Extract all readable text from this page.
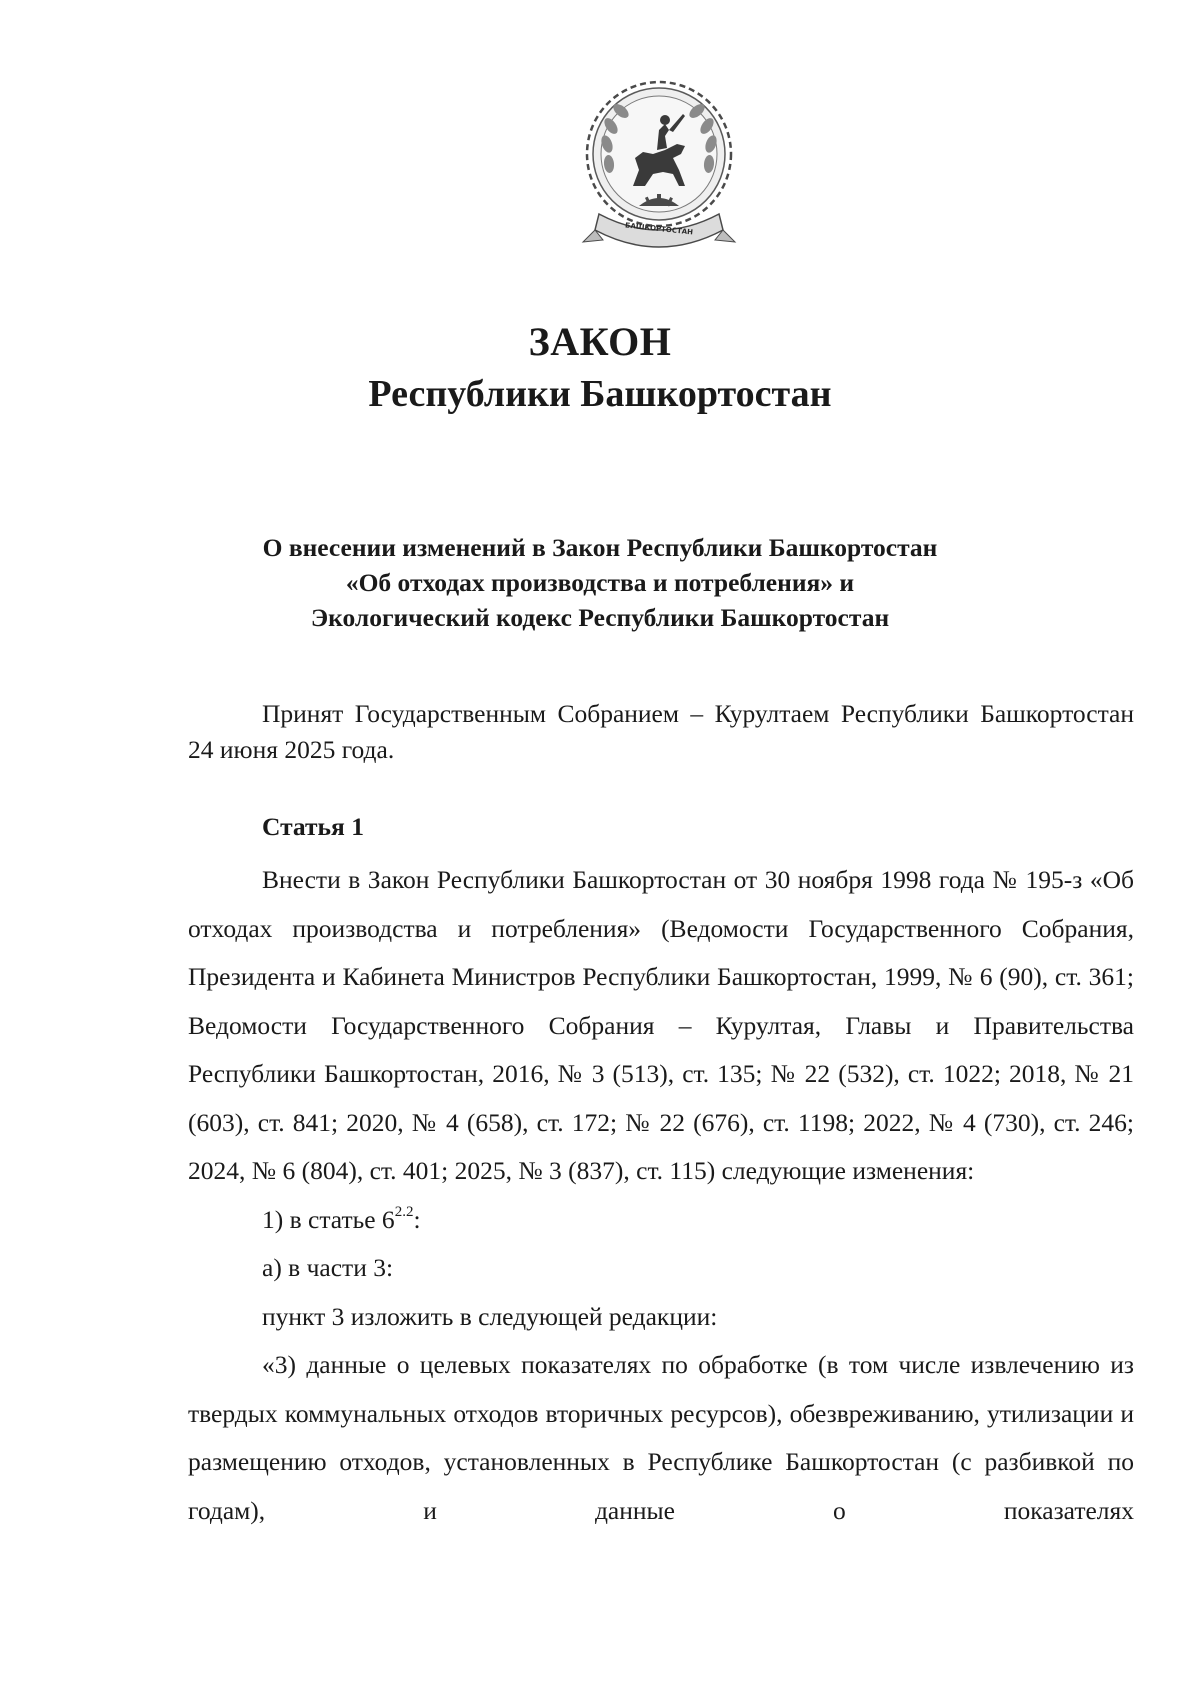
БАШКОРТОСТАН
ЗАКОН
Республики Башкортостан
О внесении изменений в Закон Республики Башкортостан
«Об отходах производства и потребления» и
Экологический кодекс Республики Башкортостан
Принят Государственным Собранием – Курултаем Республики Башкортостан 24 июня 2025 года.
Статья 1

Внести в Закон Республики Башкортостан от 30 ноября 1998 года № 195-з «Об отходах производства и потребления» (Ведомости Государственного Собрания, Президента и Кабинета Министров Республики Башкортостан, 1999, № 6 (90), ст. 361; Ведомости Государственного Собрания – Курултая, Главы и Правительства Республики Башкортостан, 2016, № 3 (513), ст. 135; № 22 (532), ст. 1022; 2018, № 21 (603), ст. 841; 2020, № 4 (658), ст. 172; № 22 (676), ст. 1198; 2022, № 4 (730), ст. 246; 2024, № 6 (804), ст. 401; 2025, № 3 (837), ст. 115) следующие изменения:

1) в статье $6^{2.2}$:

а) в части 3:

пункт 3 изложить в следующей редакции:

«3) данные о целевых показателях по обработке (в том числе извлечению из твердых коммунальных отходов вторичных ресурсов), обезвреживанию, утилизации и размещению отходов, установленных в Республике Башкортостан (с разбивкой по годам), и данные о показателях
